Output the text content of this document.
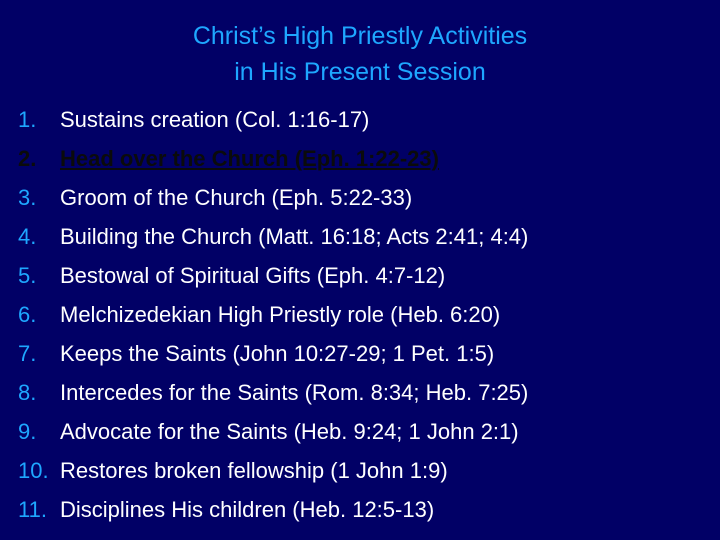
Christ’s High Priestly Activities
in His Present Session
1.	Sustains creation (Col. 1:16-17)
2.	Head over the Church (Eph. 1:22-23)
3.	Groom of the Church (Eph. 5:22-33)
4.	Building the Church (Matt. 16:18; Acts 2:41; 4:4)
5.	Bestowal of Spiritual Gifts (Eph. 4:7-12)
6.	Melchizedekian High Priestly role (Heb. 6:20)
7.	Keeps the Saints (John 10:27-29; 1 Pet. 1:5)
8.	Intercedes for the Saints (Rom. 8:34; Heb. 7:25)
9.	Advocate for the Saints (Heb. 9:24; 1 John 2:1)
10. Restores broken fellowship (1 John 1:9)
11. Disciplines His children (Heb. 12:5-13)
